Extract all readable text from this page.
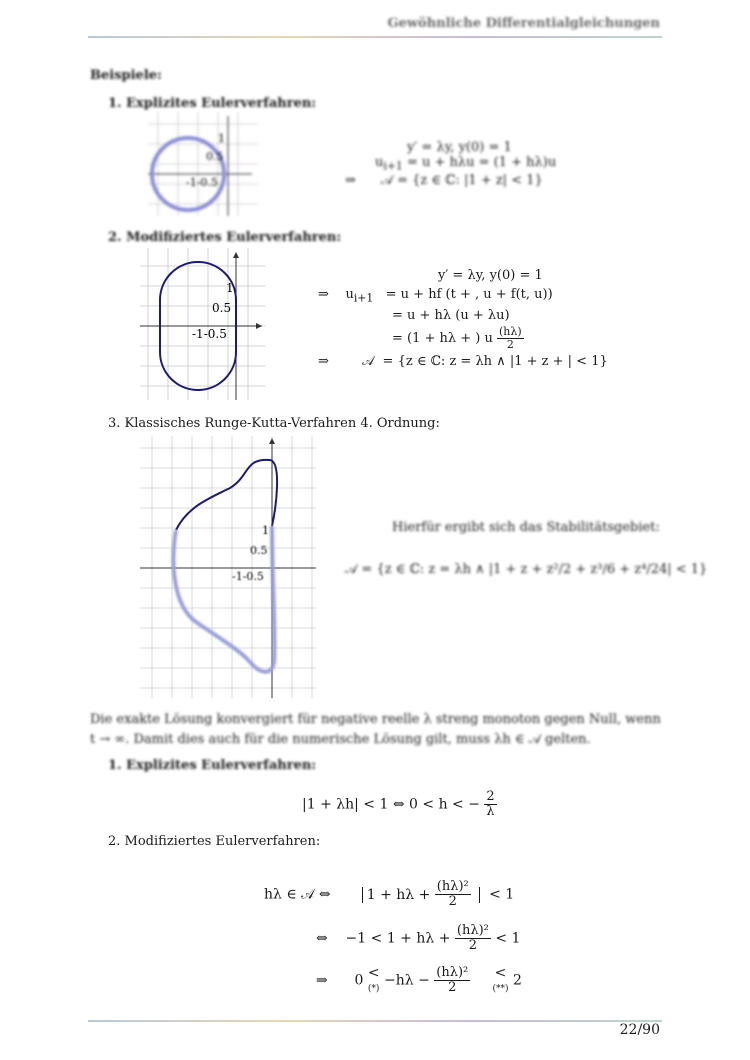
Gewöhnliche Differentialgleichungen
Beispiele:
1. Explizites Eulerverfahren:
1
0.5
-1-0.5
y′ = λy, y(0) = 1
$u_{i+1} = u + h\lambda u = (1 + h\lambda)u$
⇒ 𝒜 = {z ∈ ℂ: |1 + z| < 1}
2. Modifiziertes Eulerverfahren:
1
0.5
-1-0.5
y′ = λy, y(0) = 1
⇒ $u_{i+1} = u$ + hf (t + , u + f(t, u))
= u + hλ (u + λu)
= (1 + hλ + ) u $\frac{(h\lambda)}{2}$
⇒	𝒜 = {z ∈ ℂ: z = λh ∧ |1 + z + | < 1}
3. Klassisches Runge-Kutta-Verfahren 4. Ordnung:
1
0.5
-1-0.5
Hierfür ergibt sich das Stabilitätsgebiet:
𝒜 = {z ∈ ℂ: z = λh ∧ |1 + z + z²/2 + z³/6 + z⁴/24| < 1}
Die exakte Lösung konvergiert für negative reelle λ streng monoton gegen Null, wenn t → ∞. Damit dies auch für die numerische Lösung gilt, muss λh ∈ 𝒜 gelten.
1. Explizites Eulerverfahren:
|1 + λh| < 1 ⇔ 0 < h < − $\frac{2}{\lambda}$
2. Modifiziertes Eulerverfahren:
hλ ∈ 𝒜 ⇔	$1 + h\lambda + \frac{\text{(hλ)²}}{2} < 1$
⇔ $-1 < 1 + h\lambda + \frac{\text{(hλ)²}}{2} < 1$
⇒ 0 <
(*) $-h\lambda - \frac{\text{(hλ)²}}{2}$ <
(**) 2
22/90
